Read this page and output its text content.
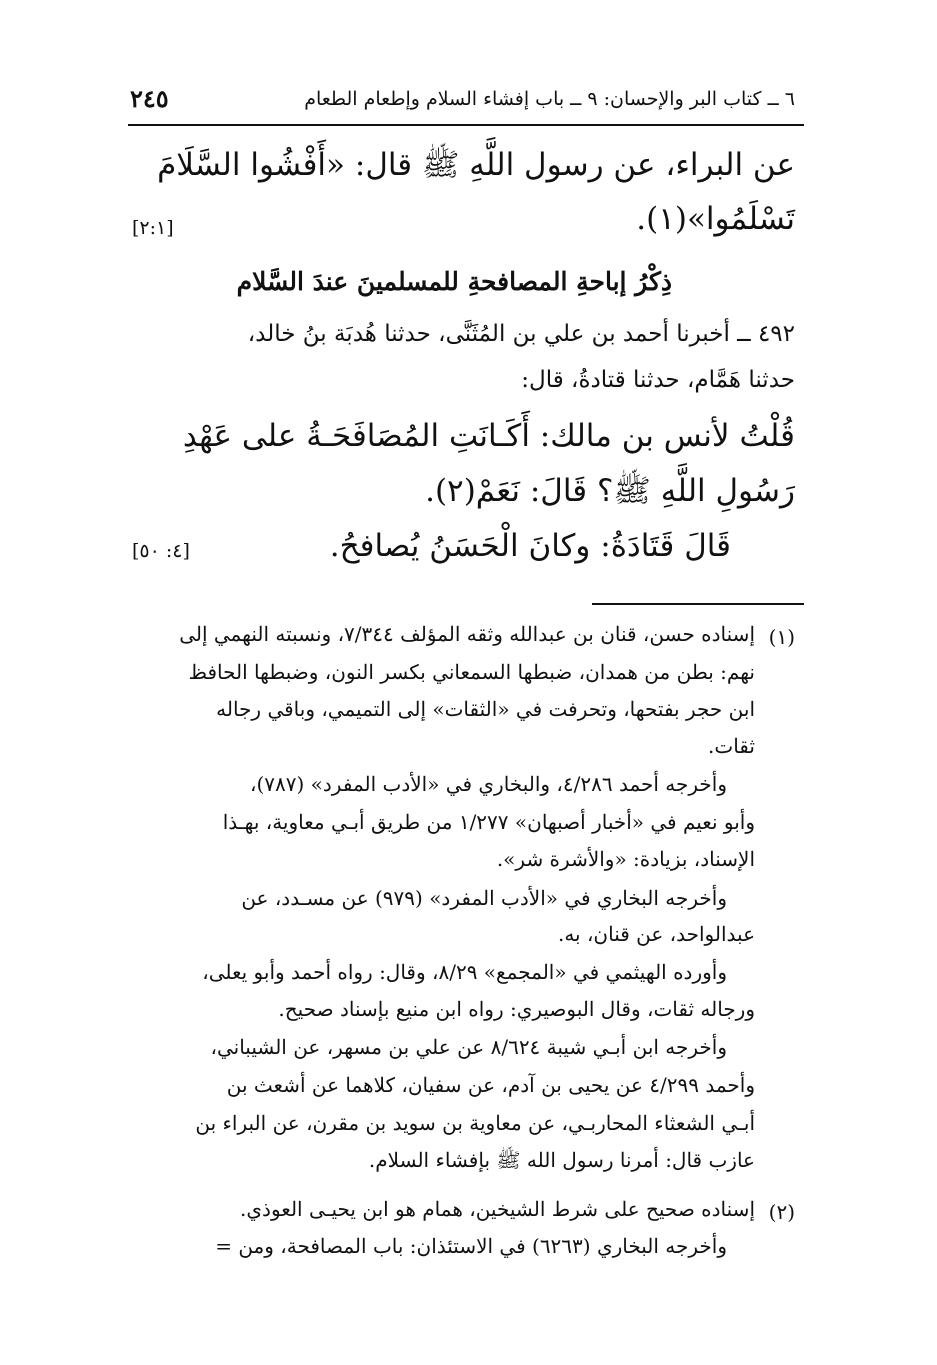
٦ ــ كتاب البر والإحسان: ٩ ــ باب إفشاء السلام وإطعام الطعام
٢٤٥
عن البراء، عن رسول اللَّهِ ﷺ قال: «أَفْشُوا السَّلَامَ
تَسْلَمُوا»(١).
[٢:١]
ذِكْرُ إباحةِ المصافحةِ للمسلمينَ عندَ السَّلام
٤٩٢ ــ أخبرنا أحمد بن علي بن المُثَنَّى، حدثنا هُدبَة بنُ خالد،
حدثنا هَمَّام، حدثنا قتادةُ، قال:
قُلْتُ لأنس بن مالك: أَكَـانَتِ المُصَافَحَـةُ على عَهْدِ
رَسُولِ اللَّهِ ﷺ؟ قَالَ: نَعَمْ(٢).
قَالَ قَتَادَةُ: وكانَ الْحَسَنُ يُصافحُ.
[٤: ٥٠]
(١)
إسناده حسن، قنان بن عبدالله وثقه المؤلف ٧/٣٤٤، ونسبته النهمي إلى
نهم: بطن من همدان، ضبطها السمعاني بكسر النون، وضبطها الحافظ
ابن حجر بفتحها، وتحرفت في «الثقات» إلى التميمي، وباقي رجاله
ثقات.
وأخرجه أحمد ٤/٢٨٦، والبخاري في «الأدب المفرد» (٧٨٧)،
وأبو نعيم في «أخبار أصبهان» ١/٢٧٧ من طريق أبـي معاوية، بهـذا
الإسناد، بزيادة: «والأشرة شر».
وأخرجه البخاري في «الأدب المفرد» (٩٧٩) عن مسـدد، عن
عبدالواحد، عن قنان، به.
وأورده الهيثمي في «المجمع» ٨/٢٩، وقال: رواه أحمد وأبو يعلى،
ورجاله ثقات، وقال البوصيري: رواه ابن منيع بإسناد صحيح.
وأخرجه ابن أبـي شيبة ٨/٦٢٤ عن علي بن مسهر، عن الشيباني،
وأحمد ٤/٢٩٩ عن يحيى بن آدم، عن سفيان، كلاهما عن أشعث بن
أبـي الشعثاء المحاربـي، عن معاوية بن سويد بن مقرن، عن البراء بن
عازب قال: أمرنا رسول الله ﷺ بإفشاء السلام.
(٢)
إسناده صحيح على شرط الشيخين، همام هو ابن يحيـى العوذي.
وأخرجه البخاري (٦٢٦٣) في الاستئذان: باب المصافحة، ومن =
